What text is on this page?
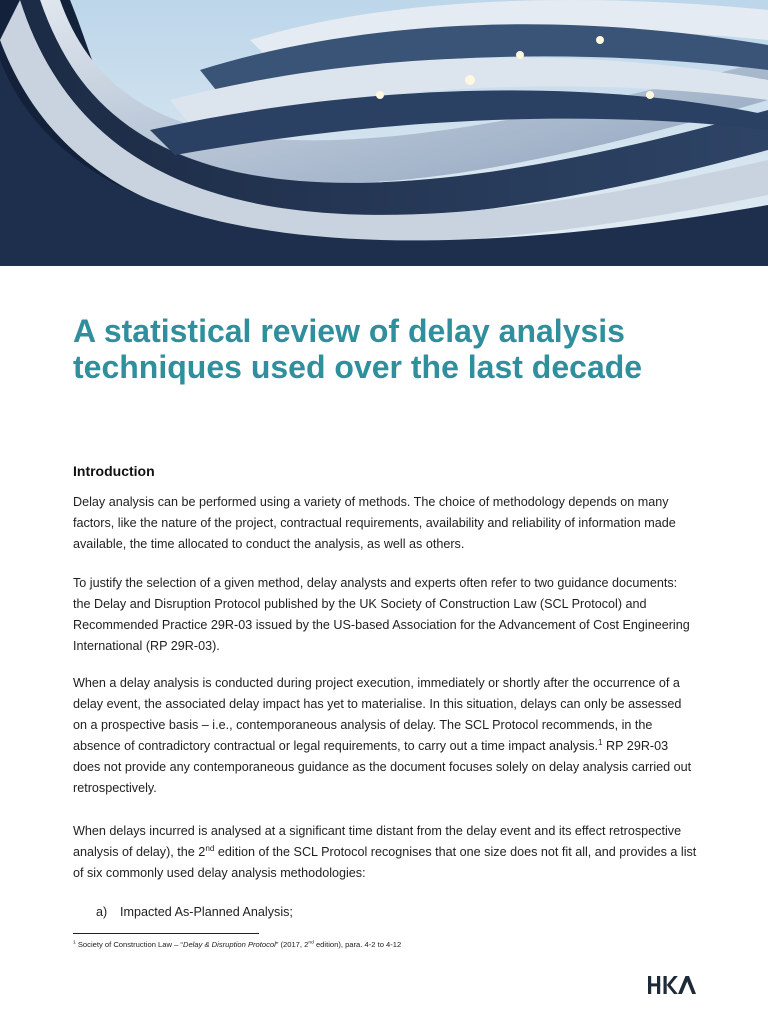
A statistical review of delay analysis techniques used over the last decade
Introduction

Delay analysis can be performed using a variety of methods. The choice of methodology depends on many factors, like the nature of the project, contractual requirements, availability and reliability of information made available, the time allocated to conduct the analysis, as well as others.

To justify the selection of a given method, delay analysts and experts often refer to two guidance documents: the Delay and Disruption Protocol published by the UK Society of Construction Law (SCL Protocol) and Recommended Practice 29R-03 issued by the US-based Association for the Advancement of Cost Engineering International (RP 29R-03).

When a delay analysis is conducted during project execution, immediately or shortly after the occurrence of a delay event, the associated delay impact has yet to materialise. In this situation, delays can only be assessed on a prospective basis – i.e., contemporaneous analysis of delay. The SCL Protocol recommends, in the absence of contradictory contractual or legal requirements, to carry out a time impact analysis.$^1$ RP 29R-03 does not provide any contemporaneous guidance as the document focuses solely on delay analysis carried out retrospectively.

When delays incurred is analysed at a significant time distant from the delay event and its effect retrospective analysis of delay), the 2nd edition of the SCL Protocol recognises that one size does not fit all, and provides a list of six commonly used delay analysis methodologies:

a) Impacted As-Planned Analysis;
$^1$ Society of Construction Law – “Delay & Disruption Protocol” (2017, 2nd edition), para. 4-2 to 4-12
